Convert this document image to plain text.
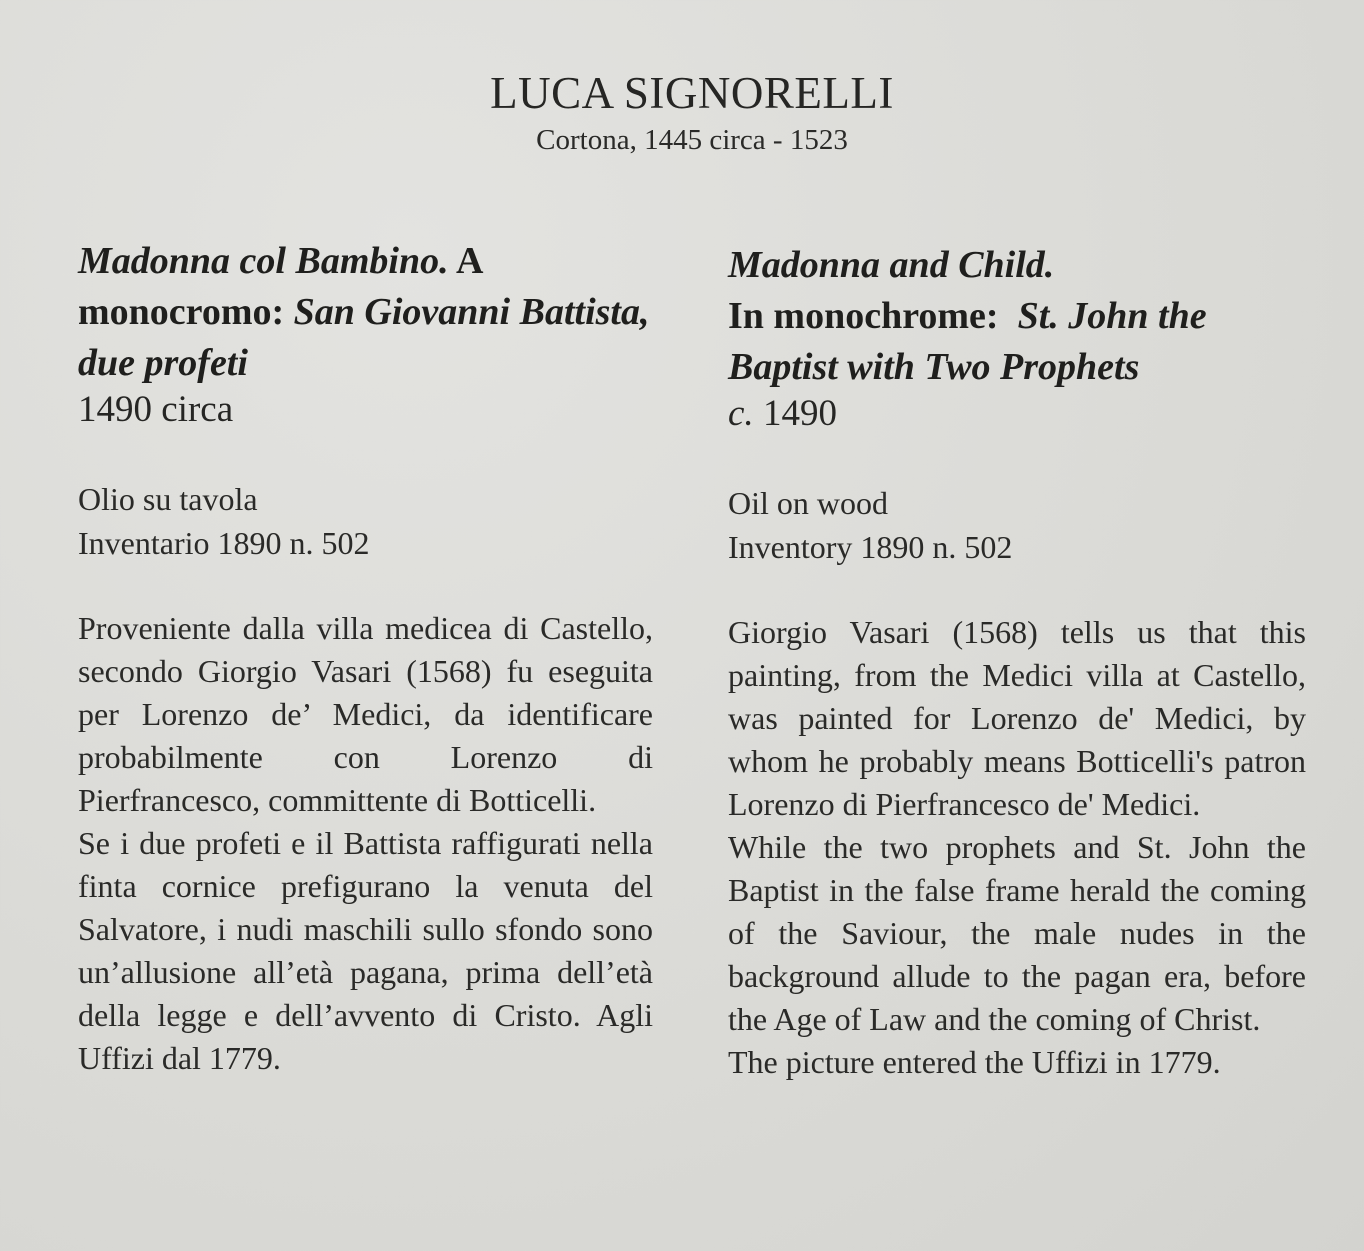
LUCA SIGNORELLI
Cortona, 1445 circa - 1523
Madonna col Bambino. A monocromo: San Giovanni Battista, due profeti
1490 circa
Olio su tavola
Inventario 1890 n. 502

Proveniente dalla villa medicea di Castello, secondo Giorgio Vasari (1568) fu eseguita per Lorenzo de’ Medici, da identificare probabilmente con Lorenzo di Pierfrancesco, committente di Botticelli.

Se i due profeti e il Battista raffigurati nella finta cornice prefigurano la venuta del Salvatore, i nudi maschili sullo sfondo sono un’allusione all’età pagana, prima dell’età della legge e dell’avvento di Cristo. Agli Uffizi dal 1779.

Madonna and Child.
In monochrome:  St. John the Baptist with Two Prophets
c. 1490
Oil on wood
Inventory 1890 n. 502

Giorgio Vasari (1568) tells us that this painting, from the Medici villa at Castello, was painted for Lorenzo de' Medici, by whom he probably means Botticelli's patron Lorenzo di Pierfrancesco de' Medici.

While the two prophets and St. John the Baptist in the false frame herald the coming of the Saviour, the male nudes in the background allude to the pagan era, before the Age of Law and the coming of Christ.

The picture entered the Uffizi in 1779.
